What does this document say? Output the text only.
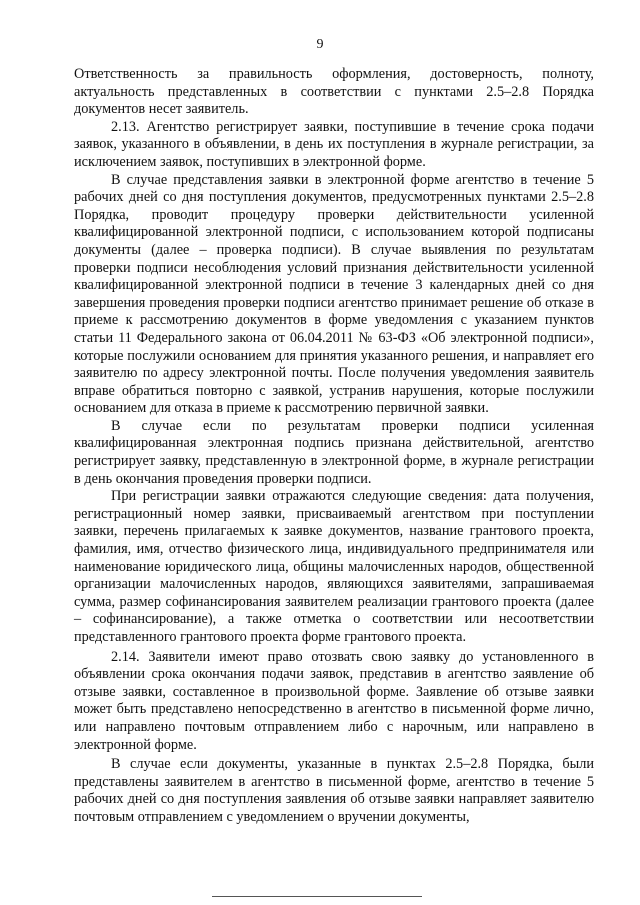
9

Ответственность за правильность оформления, достоверность, полноту, актуальность представленных в соответствии с пунктами 2.5–2.8 Порядка документов несет заявитель.

2.13. Агентство регистрирует заявки, поступившие в течение срока подачи заявок, указанного в объявлении, в день их поступления в журнале регистрации, за исключением заявок, поступивших в электронной форме.

В случае представления заявки в электронной форме агентство в течение 5 рабочих дней со дня поступления документов, предусмотренных пунктами 2.5–2.8 Порядка, проводит процедуру проверки действительности усиленной квалифицированной электронной подписи, с использованием которой подписаны документы (далее – проверка подписи). В случае выявления по результатам проверки подписи несоблюдения условий признания действительности усиленной квалифицированной электронной подписи в течение 3 календарных дней со дня завершения проведения проверки подписи агентство принимает решение об отказе в приеме к рассмотрению документов в форме уведомления с указанием пунктов статьи 11 Федерального закона от 06.04.2011 № 63-ФЗ «Об электронной подписи», которые послужили основанием для принятия указанного решения, и направляет его заявителю по адресу электронной почты. После получения уведомления заявитель вправе обратиться повторно с заявкой, устранив нарушения, которые послужили основанием для отказа в приеме к рассмотрению первичной заявки.

В случае если по результатам проверки подписи усиленная квалифицированная электронная подпись признана действительной, агентство регистрирует заявку, представленную в электронной форме, в журнале регистрации в день окончания проведения проверки подписи.

При регистрации заявки отражаются следующие сведения: дата получения, регистрационный номер заявки, присваиваемый агентством при поступлении заявки, перечень прилагаемых к заявке документов, название грантового проекта, фамилия, имя, отчество физического лица, индивидуального предпринимателя или наименование юридического лица, общины малочисленных народов, общественной организации малочисленных народов, являющихся заявителями, запрашиваемая сумма, размер софинансирования заявителем реализации грантового проекта (далее – софинансирование), а также отметка о соответствии или несоответствии представленного грантового проекта форме грантового проекта.

2.14. Заявители имеют право отозвать свою заявку до установленного в объявлении срока окончания подачи заявок, представив в агентство заявление об отзыве заявки, составленное в произвольной форме. Заявление об отзыве заявки может быть представлено непосредственно в агентство в письменной форме лично, или направлено почтовым отправлением либо с нарочным, или направлено в электронной форме.

В случае если документы, указанные в пунктах 2.5–2.8 Порядка, были представлены заявителем в агентство в письменной форме, агентство в течение 5 рабочих дней со дня поступления заявления об отзыве заявки направляет заявителю почтовым отправлением с уведомлением о вручении документы,
